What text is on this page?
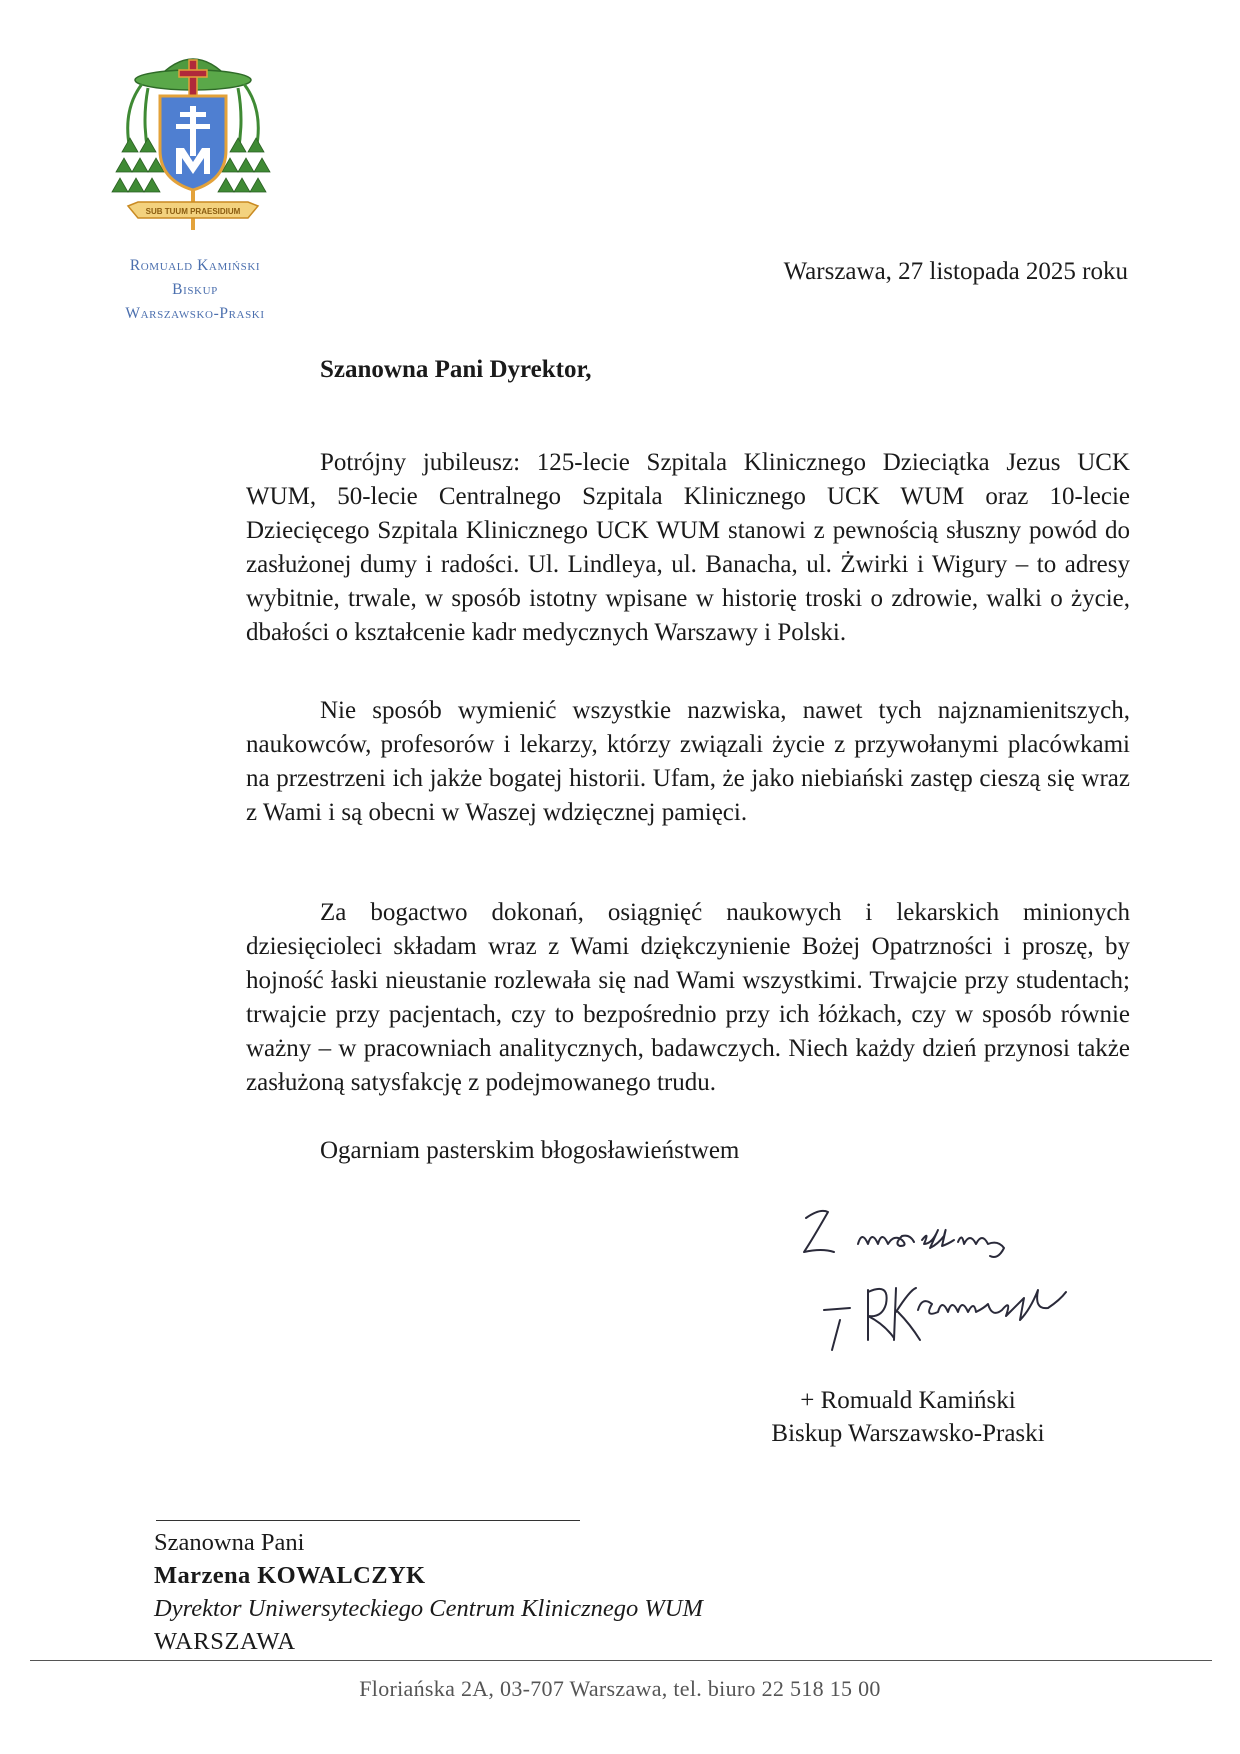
SUB TUUM PRAESIDIUM
Romuald Kamiński
Biskup
Warszawsko-Praski
Warszawa, 27 listopada 2025 roku
Szanowna Pani Dyrektor,

Potrójny jubileusz: 125-lecie Szpitala Klinicznego Dzieciątka Jezus UCK WUM, 50-lecie Centralnego Szpitala Klinicznego UCK WUM oraz 10-lecie Dziecięcego Szpitala Klinicznego UCK WUM stanowi z pewnością słuszny powód do zasłużonej dumy i radości. Ul. Lindleya, ul. Banacha, ul. Żwirki i Wigury – to adresy wybitnie, trwale, w sposób istotny wpisane w historię troski o zdrowie, walki o życie, dbałości o kształcenie kadr medycznych Warszawy i Polski.

Nie sposób wymienić wszystkie nazwiska, nawet tych najznamienitszych, naukowców, profesorów i lekarzy, którzy związali życie z przywołanymi placówkami na przestrzeni ich jakże bogatej historii. Ufam, że jako niebiański zastęp cieszą się wraz z Wami i są obecni w Waszej wdzięcznej pamięci.

Za bogactwo dokonań, osiągnięć naukowych i lekarskich minionych dziesięcioleci składam wraz z Wami dziękczynienie Bożej Opatrzności i proszę, by hojność łaski nieustanie rozlewała się nad Wami wszystkimi. Trwajcie przy studentach; trwajcie przy pacjentach, czy to bezpośrednio przy ich łóżkach, czy w sposób równie ważny – w pracowniach analitycznych, badawczych. Niech każdy dzień przynosi także zasłużoną satysfakcję z podejmowanego trudu.

Ogarniam pasterskim błogosławieństwem

Z modlitwą + RKamiński
+ Romuald Kamiński
Biskup Warszawsko-Praski
Szanowna Pani
Marzena KOWALCZYK
Dyrektor Uniwersyteckiego Centrum Klinicznego WUM
WARSZAWA
Floriańska 2A, 03-707 Warszawa, tel. biuro 22 518 15 00
